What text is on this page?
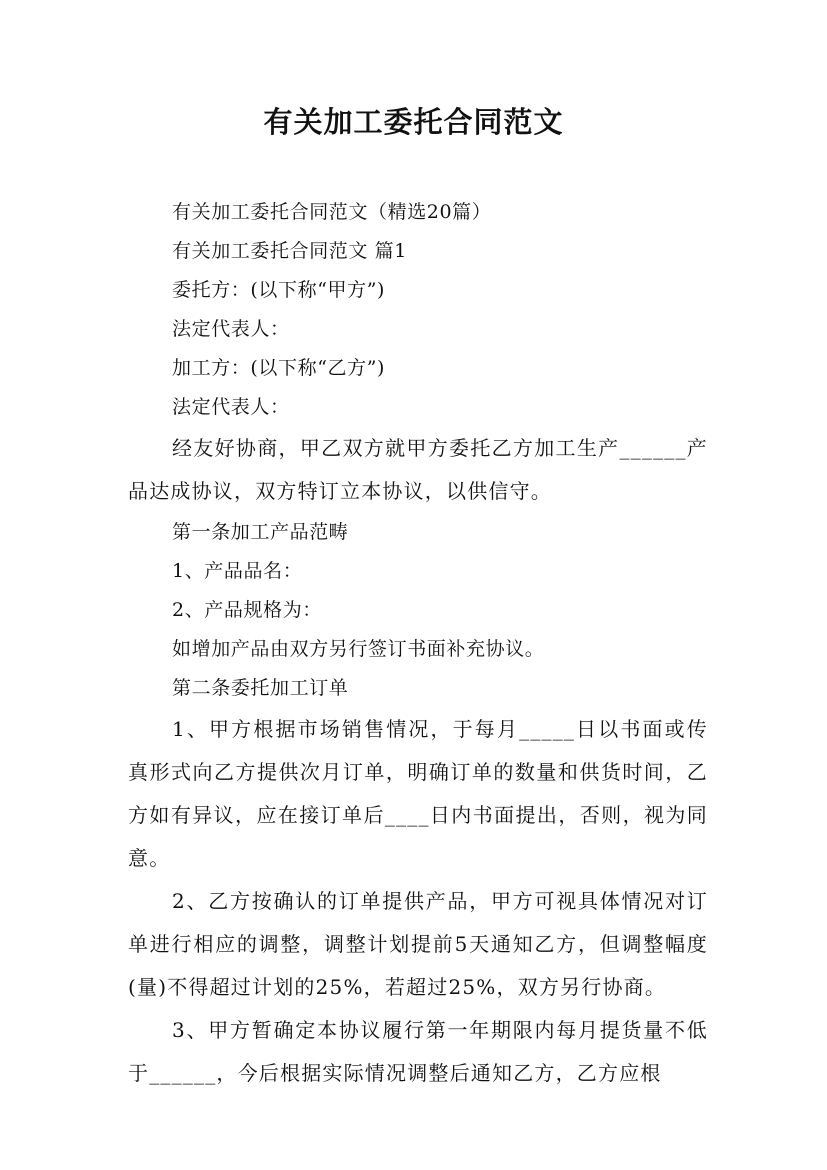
有关加工委托合同范文

有关加工委托合同范文（精选20篇）

有关加工委托合同范文 篇1

委托方：(以下称“甲方”)

法定代表人：

加工方：(以下称“乙方”)

法定代表人：

经友好协商，甲乙双方就甲方委托乙方加工生产______产品达成协议，双方特订立本协议，以供信守。

第一条加工产品范畴

1、产品品名：

2、产品规格为：

如增加产品由双方另行签订书面补充协议。

第二条委托加工订单

1、甲方根据市场销售情况，于每月_____日以书面或传真形式向乙方提供次月订单，明确订单的数量和供货时间，乙方如有异议，应在接订单后____日内书面提出，否则，视为同意。

2、乙方按确认的订单提供产品，甲方可视具体情况对订单进行相应的调整，调整计划提前5天通知乙方，但调整幅度(量)不得超过计划的25%，若超过25%，双方另行协商。

3、甲方暂确定本协议履行第一年期限内每月提货量不低于______，今后根据实际情况调整后通知乙方，乙方应根
